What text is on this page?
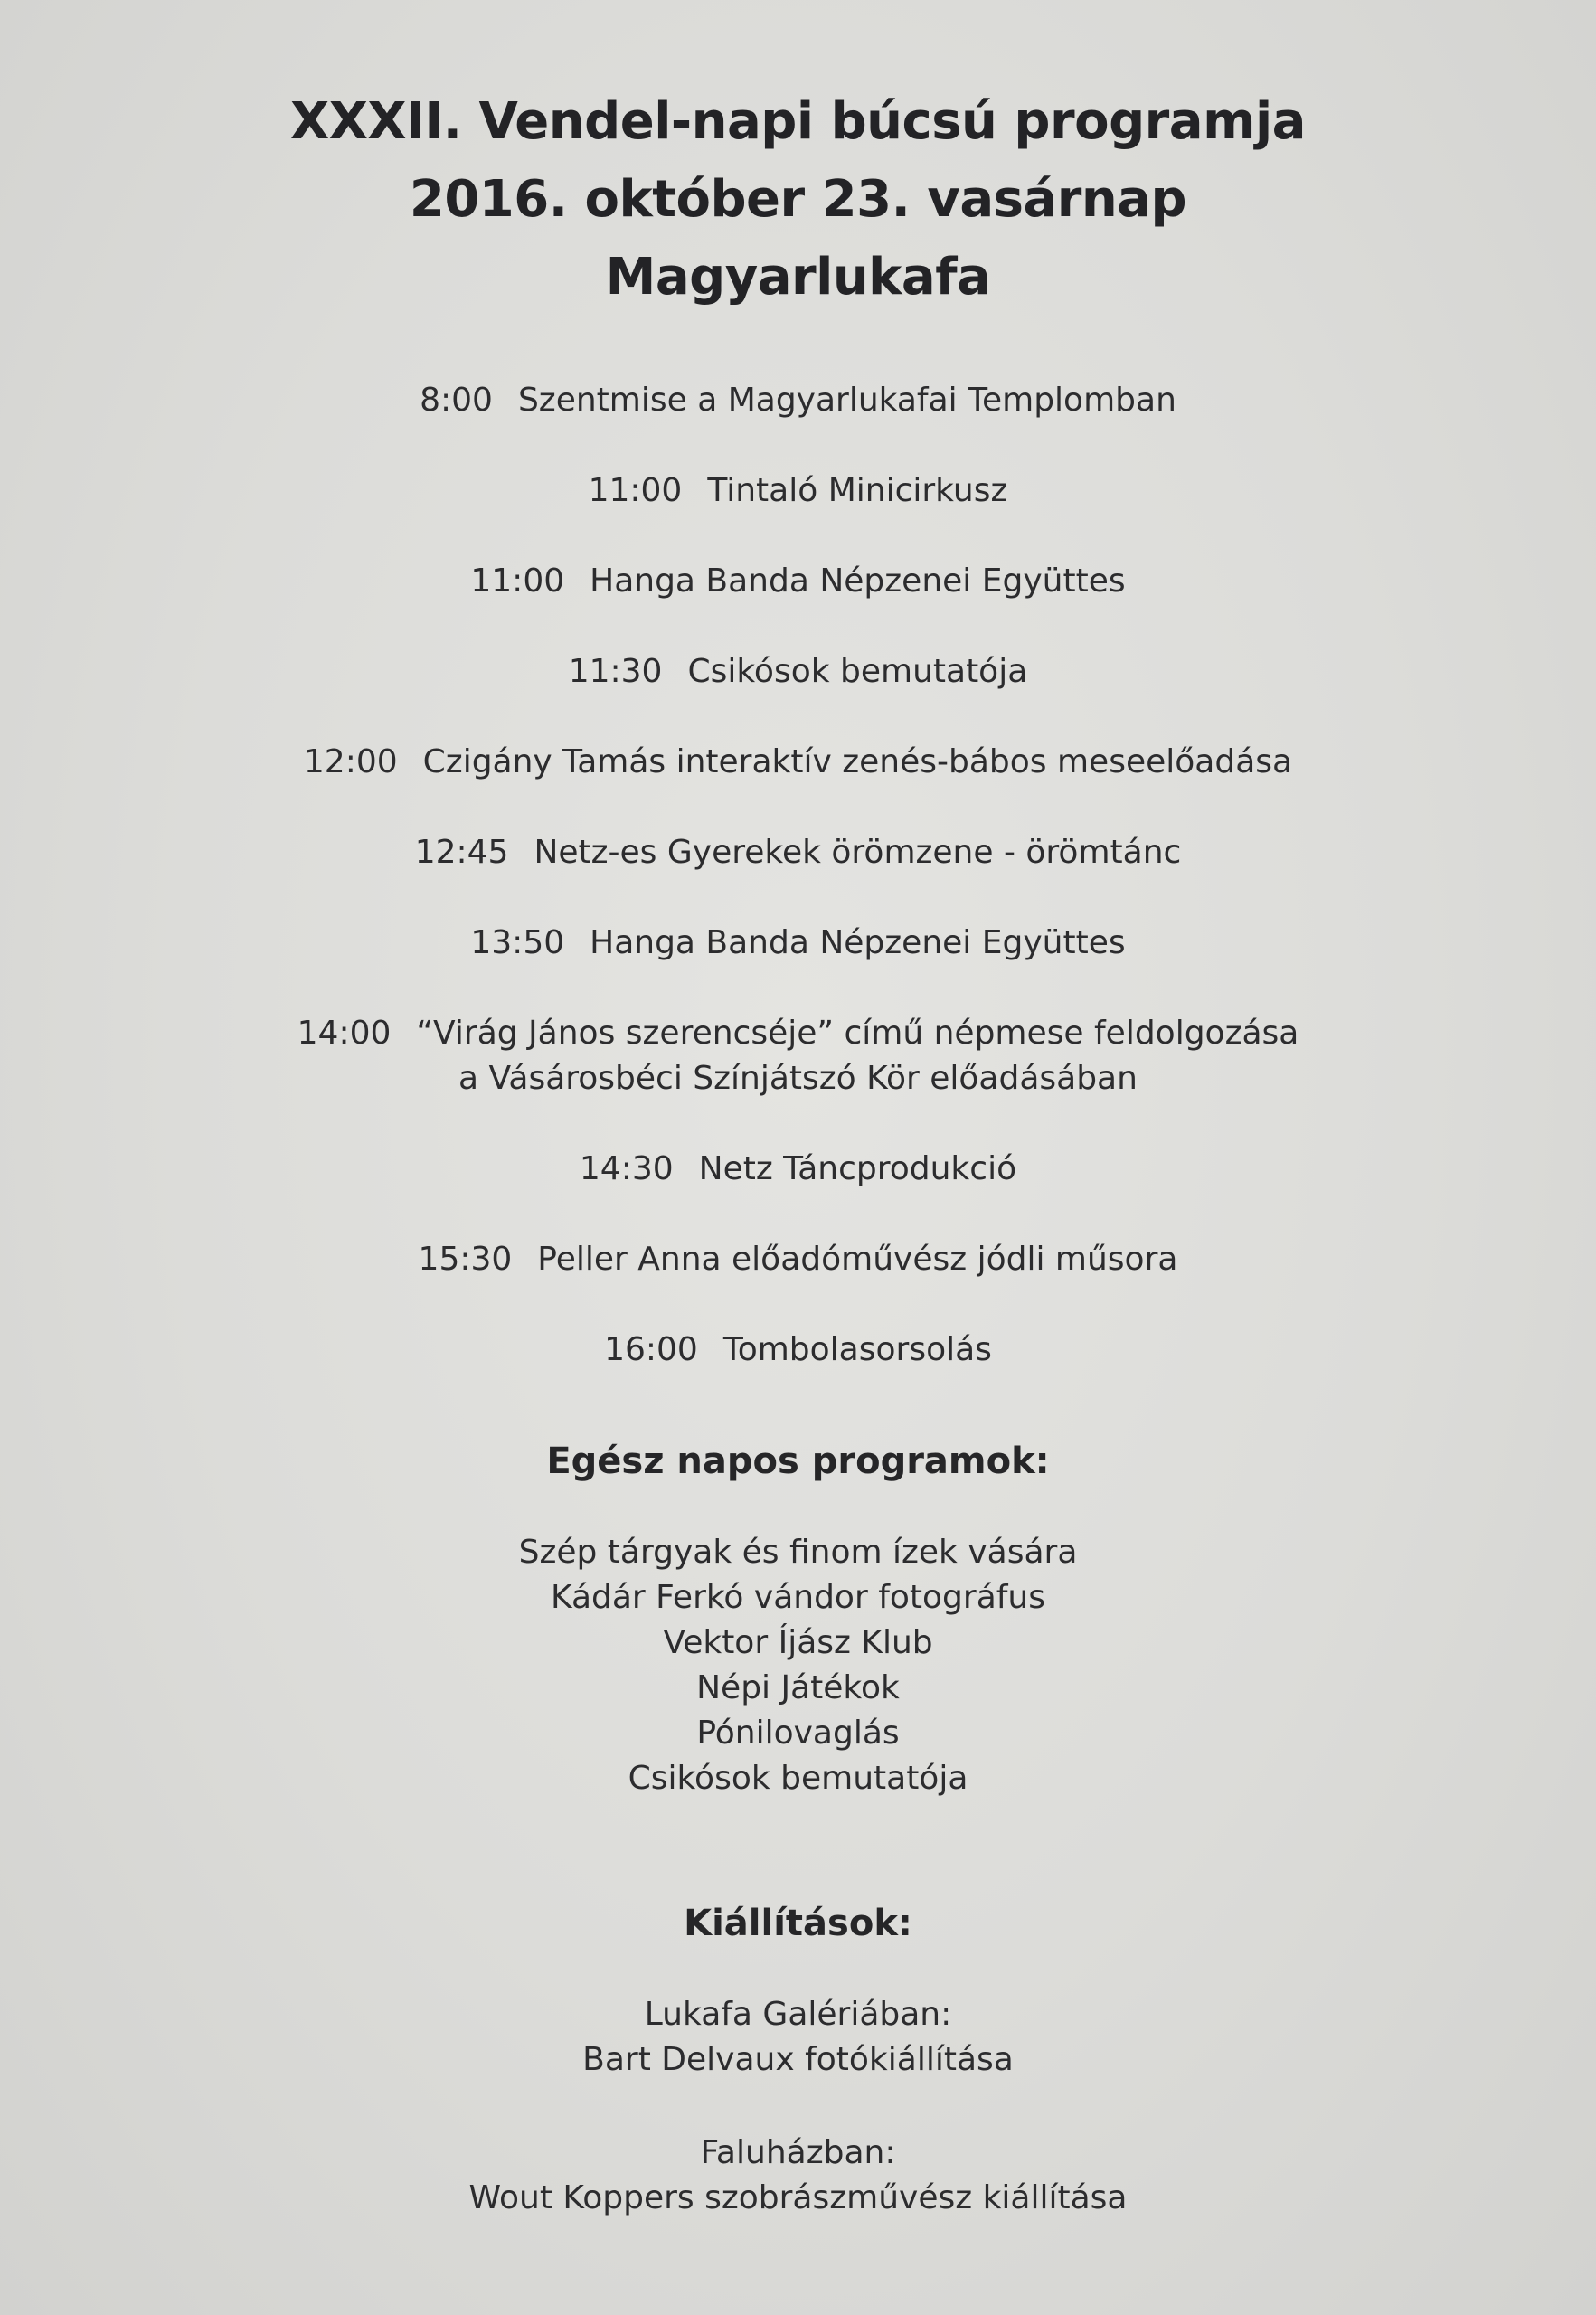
XXXII. Vendel-napi búcsú programja
2016. október 23. vasárnap
Magyarlukafa
8:00 Szentmise a Magyarlukafai Templomban
11:00 Tintaló Minicirkusz
11:00 Hanga Banda Népzenei Együttes
11:30 Csikósok bemutatója
12:00 Czigány Tamás interaktív zenés-bábos meseelőadása
12:45 Netz-es Gyerekek örömzene - örömtánc
13:50 Hanga Banda Népzenei Együttes
14:00 “Virág János szerencséje” című népmese feldolgozása
a Vásárosbéci Színjátszó Kör előadásában
14:30 Netz Táncprodukció
15:30 Peller Anna előadóművész jódli műsora
16:00 Tombolasorsolás
Egész napos programok:
Szép tárgyak és finom ízek vására
Kádár Ferkó vándor fotográfus
Vektor Íjász Klub
Népi Játékok
Pónilovaglás
Csikósok bemutatója
Kiállítások:
Lukafa Galériában:
Bart Delvaux fotókiállítása
Faluházban:
Wout Koppers szobrászművész kiállítása
